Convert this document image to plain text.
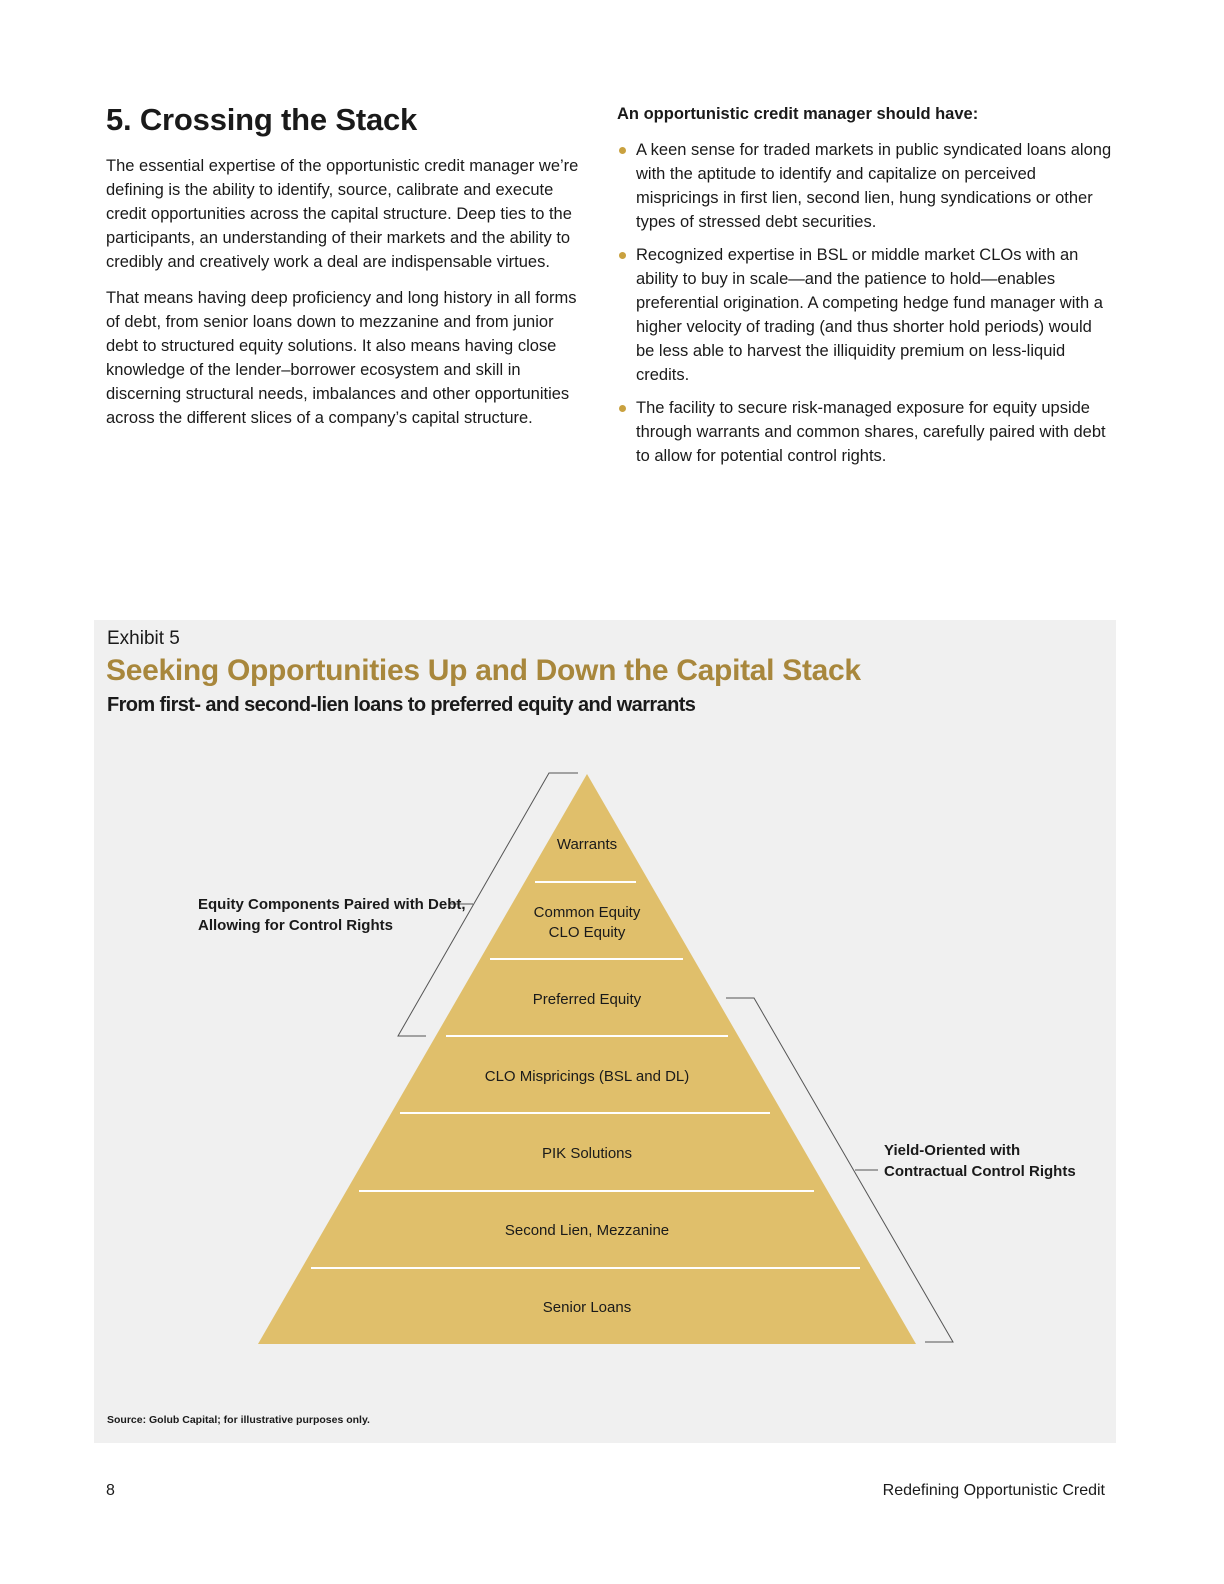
5. Crossing the Stack

The essential expertise of the opportunistic credit manager we’re defining is the ability to identify, source, calibrate and execute credit opportunities across the capital structure. Deep ties to the participants, an understanding of their markets and the ability to credibly and creatively work a deal are indispensable virtues.

That means having deep proficiency and long history in all forms of debt, from senior loans down to mezzanine and from junior debt to structured equity solutions. It also means having close knowledge of the lender–borrower ecosystem and skill in discerning structural needs, imbalances and other opportunities across the different slices of a company’s capital structure.

An opportunistic credit manager should have:
A keen sense for traded markets in public syndicated loans along with the aptitude to identify and capitalize on perceived mispricings in first lien, second lien, hung syndications or other types of stressed debt securities.
Recognized expertise in BSL or middle market CLOs with an ability to buy in scale—and the patience to hold—enables preferential origination. A competing hedge fund manager with a higher velocity of trading (and thus shorter hold periods) would be less able to harvest the illiquidity premium on less-liquid credits.
The facility to secure risk-managed exposure for equity upside through warrants and common shares, carefully paired with debt to allow for potential control rights.
Exhibit 5
Seeking Opportunities Up and Down the Capital Stack
From first- and second-lien loans to preferred equity and warrants
Warrants
Common Equity
CLO Equity
Preferred Equity
CLO Mispricings (BSL and DL)
PIK Solutions
Second Lien, Mezzanine
Senior Loans
Equity Components Paired with Debt,
Allowing for Control Rights
Yield-Oriented with
Contractual Control Rights
Source: Golub Capital; for illustrative purposes only.
8	Redefining Opportunistic Credit
